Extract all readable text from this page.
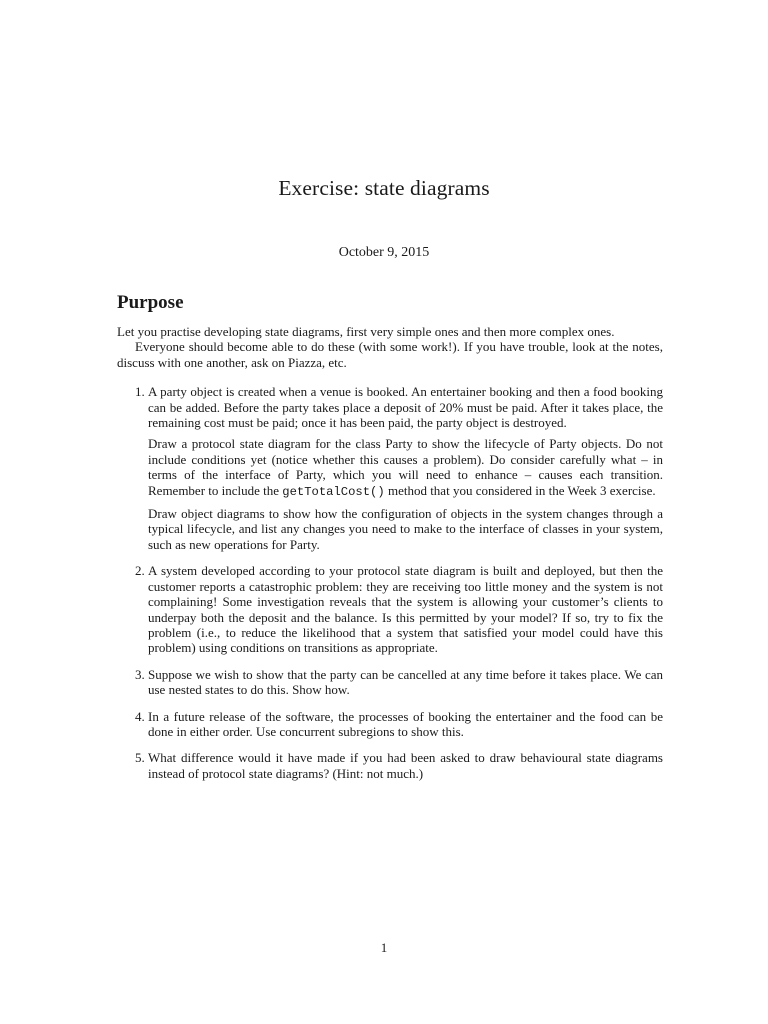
Exercise: state diagrams
October 9, 2015
Purpose

Let you practise developing state diagrams, first very simple ones and then more complex ones.

Everyone should become able to do these (with some work!). If you have trouble, look at the notes, discuss with one another, ask on Piazza, etc.

1. A party object is created when a venue is booked. An entertainer booking and then a food booking can be added. Before the party takes place a deposit of 20% must be paid. After it takes place, the remaining cost must be paid; once it has been paid, the party object is destroyed.

Draw a protocol state diagram for the class Party to show the lifecycle of Party objects. Do not include conditions yet (notice whether this causes a problem). Do consider carefully what – in terms of the interface of Party, which you will need to enhance – causes each transition. Remember to include the getTotalCost() method that you considered in the Week 3 exercise.

Draw object diagrams to show how the configuration of objects in the system changes through a typical lifecycle, and list any changes you need to make to the interface of classes in your system, such as new operations for Party.

2. A system developed according to your protocol state diagram is built and deployed, but then the customer reports a catastrophic problem: they are receiving too little money and the system is not complaining! Some investigation reveals that the system is allowing your customer’s clients to underpay both the deposit and the balance. Is this permitted by your model? If so, try to fix the problem (i.e., to reduce the likelihood that a system that satisfied your model could have this problem) using conditions on transitions as appropriate.

3. Suppose we wish to show that the party can be cancelled at any time before it takes place. We can use nested states to do this. Show how.

4. In a future release of the software, the processes of booking the entertainer and the food can be done in either order. Use concurrent subregions to show this.

5. What difference would it have made if you had been asked to draw behavioural state diagrams instead of protocol state diagrams? (Hint: not much.)

1
